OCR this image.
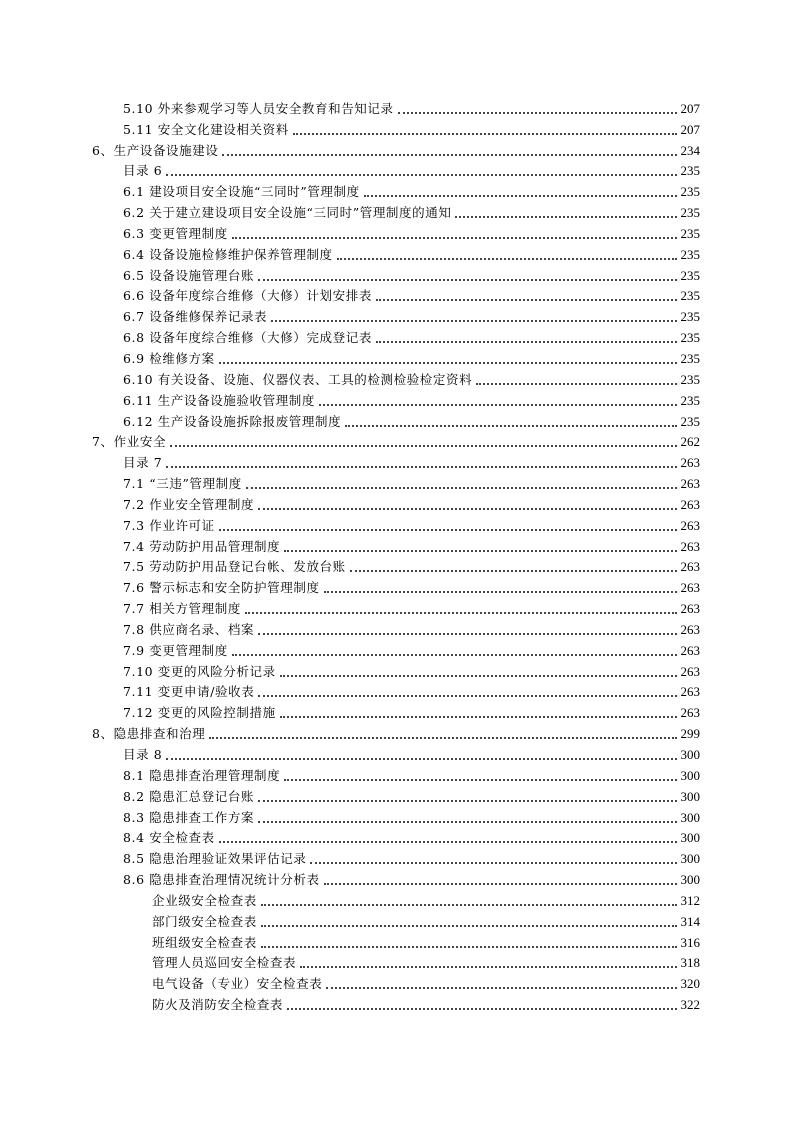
5.10 外来参观学习等人员安全教育和告知记录	207
5.11 安全文化建设相关资料	207
6、生产设备设施建设	234
目录 6	235
6.1 建设项目安全设施“三同时”管理制度	235
6.2 关于建立建设项目安全设施“三同时”管理制度的通知	235
6.3 变更管理制度	235
6.4 设备设施检修维护保养管理制度	235
6.5 设备设施管理台账	235
6.6 设备年度综合维修（大修）计划安排表	235
6.7 设备维修保养记录表	235
6.8 设备年度综合维修（大修）完成登记表	235
6.9 检维修方案	235
6.10 有关设备、设施、仪器仪表、工具的检测检验检定资料	235
6.11 生产设备设施验收管理制度	235
6.12 生产设备设施拆除报废管理制度	235
7、作业安全	262
目录 7	263
7.1 “三违”管理制度	263
7.2 作业安全管理制度	263
7.3 作业许可证	263
7.4 劳动防护用品管理制度	263
7.5 劳动防护用品登记台帐、发放台账	263
7.6 警示标志和安全防护管理制度	263
7.7 相关方管理制度	263
7.8 供应商名录、档案	263
7.9 变更管理制度	263
7.10 变更的风险分析记录	263
7.11 变更申请/验收表	263
7.12 变更的风险控制措施	263
8、隐患排查和治理	299
目录 8	300
8.1 隐患排查治理管理制度	300
8.2 隐患汇总登记台账	300
8.3 隐患排查工作方案	300
8.4 安全检查表	300
8.5 隐患治理验证效果评估记录	300
8.6 隐患排查治理情况统计分析表	300
企业级安全检查表	312
部门级安全检查表	314
班组级安全检查表	316
管理人员巡回安全检查表	318
电气设备（专业）安全检查表	320
防火及消防安全检查表	322
